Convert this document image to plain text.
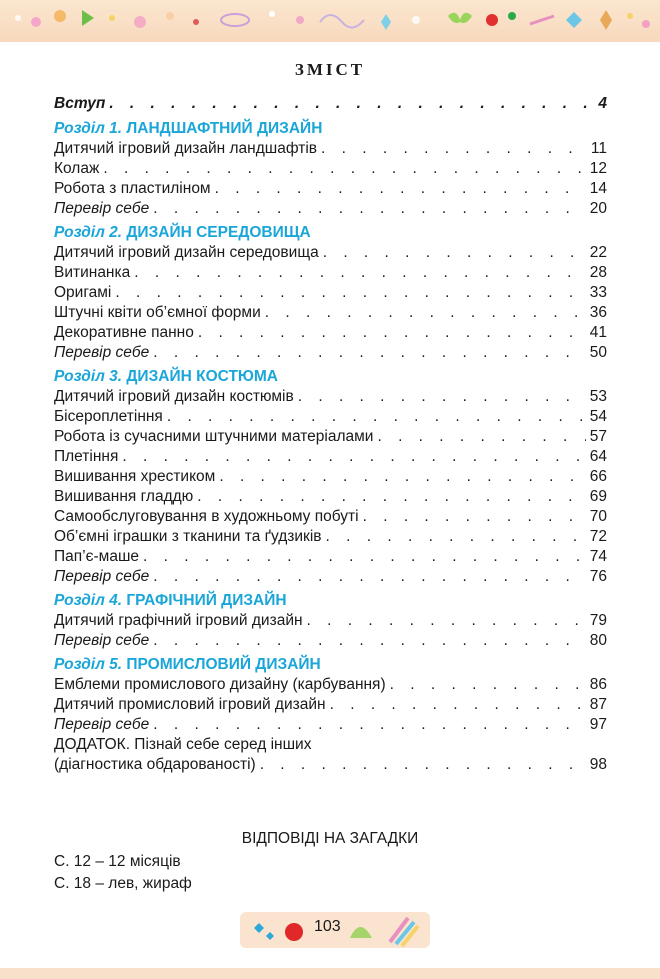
ЗМІСТ
Вступ . . .	4
Розділ 1. ЛАНДШАФТНИЙ ДИЗАЙН
Дитячий ігровий дизайн ландшафтів . . .	11
Колаж . . .	12
Робота з пластиліном . . .	14
Перевір себе . . .	20
Розділ 2. ДИЗАЙН СЕРЕДОВИЩА
Дитячий ігровий дизайн середовища . . .	22
Витинанка . . .	28
Оригамі . . .	33
Штучні квіти об’ємної форми . . .	36
Декоративне панно . . .	41
Перевір себе . . .	50
Розділ 3. ДИЗАЙН КОСТЮМА
Дитячий ігровий дизайн костюмів . . .	53
Бісероплетіння . . .	54
Робота із сучасними штучними матеріалами . . .	57
Плетіння . . .	64
Вишивання хрестиком . . .	66
Вишивання гладдю . . .	69
Самообслуговування в художньому побуті . . .	70
Об’ємні іграшки з тканини та ґудзиків . . .	72
Пап’є-маше . . .	74
Перевір себе . . .	76
Розділ 4. ГРАФІЧНИЙ ДИЗАЙН
Дитячий графічний ігровий дизайн . . .	79
Перевір себе . . .	80
Розділ 5. ПРОМИСЛОВИЙ ДИЗАЙН
Емблеми промислового дизайну (карбування) . . .	86
Дитячий промисловий ігровий дизайн . . .	87
Перевір себе . . .	97
ДОДАТОК. Пізнай себе серед інших
(діагностика обдарованості) . . .	98
ВІДПОВІДІ НА ЗАГАДКИ
С. 12 – 12 місяців
С. 18 – лев, жираф
103
